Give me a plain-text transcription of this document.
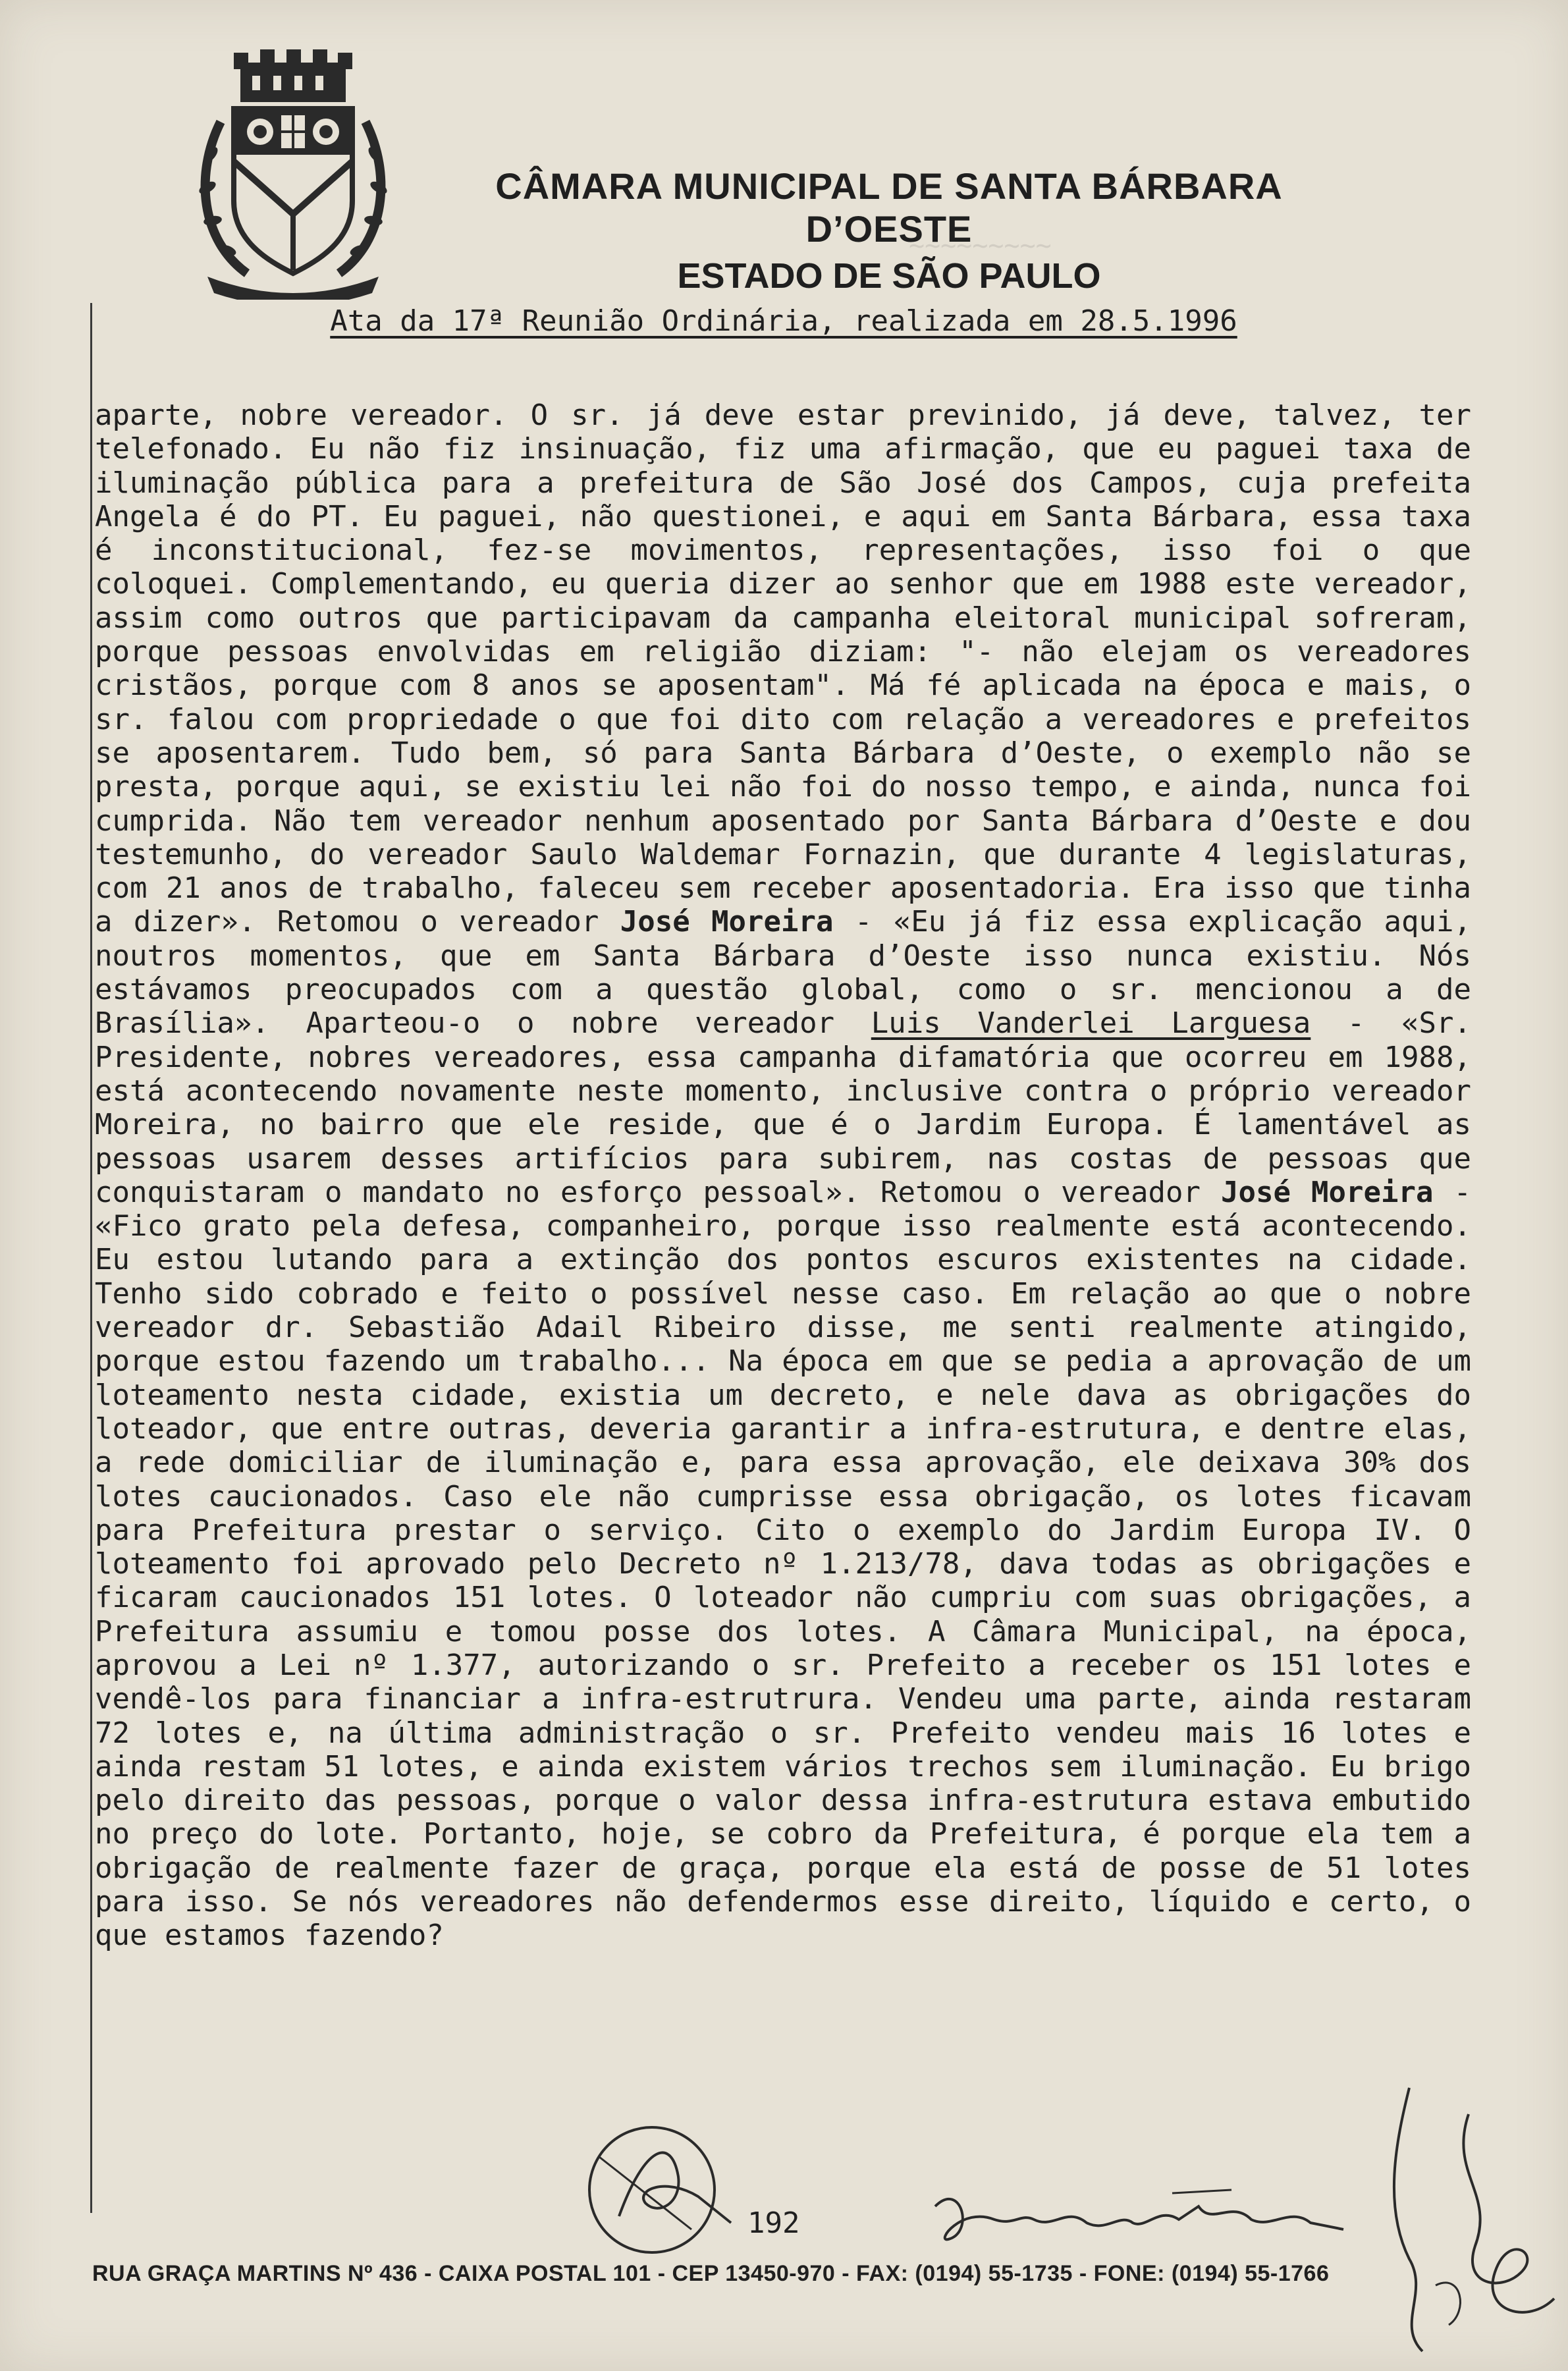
~~~~~~~~~
CÂMARA MUNICIPAL DE SANTA BÁRBARA D’OESTE
ESTADO DE SÃO PAULO
Ata da 17ª Reunião Ordinária, realizada em 28.5.1996
aparte, nobre vereador. O sr. já deve estar previnido, já deve, talvez, ter telefonado. Eu não fiz insinuação, fiz uma afirmação, que eu paguei taxa de iluminação pública para a prefeitura de São José dos Campos, cuja prefeita Angela é do PT. Eu paguei, não questionei, e aqui em Santa Bárbara, essa taxa é inconstitucional, fez-se movimentos, representações, isso foi o que coloquei. Complementando, eu queria dizer ao senhor que em 1988 este vereador, assim como outros que participavam da campanha eleitoral municipal sofreram, porque pessoas envolvidas em religião diziam: "- não elejam os vereadores cristãos, porque com 8 anos se aposentam". Má fé aplicada na época e mais, o sr. falou com propriedade o que foi dito com relação a vereadores e prefeitos se aposentarem. Tudo bem, só para Santa Bárbara d’Oeste, o exemplo não se presta, porque aqui, se existiu lei não foi do nosso tempo, e ainda, nunca foi cumprida. Não tem vereador nenhum aposentado por Santa Bárbara d’Oeste e dou testemunho, do vereador Saulo Waldemar Fornazin, que durante 4 legislaturas, com 21 anos de trabalho, faleceu sem receber aposentadoria. Era isso que tinha a dizer». Retomou o vereador José Moreira - «Eu já fiz essa explicação aqui, noutros momentos, que em Santa Bárbara d’Oeste isso nunca existiu. Nós estávamos preocupados com a questão global, como o sr. mencionou a de Brasília». Aparteou-o o nobre vereador Luis Vanderlei Larguesa - «Sr. Presidente, nobres vereadores, essa campanha difamatória que ocorreu em 1988, está acontecendo novamente neste momento, inclusive contra o próprio vereador Moreira, no bairro que ele reside, que é o Jardim Europa. É lamentável as pessoas usarem desses artifícios para subirem, nas costas de pessoas que conquistaram o mandato no esforço pessoal». Retomou o vereador José Moreira - «Fico grato pela defesa, companheiro, porque isso realmente está acontecendo. Eu estou lutando para a extinção dos pontos escuros existentes na cidade. Tenho sido cobrado e feito o possível nesse caso. Em relação ao que o nobre vereador dr. Sebastião Adail Ribeiro disse, me senti realmente atingido, porque estou fazendo um trabalho... Na época em que se pedia a aprovação de um loteamento nesta cidade, existia um decreto, e nele dava as obrigações do loteador, que entre outras, deveria garantir a infra-estrutura, e dentre elas, a rede domiciliar de iluminação e, para essa aprovação, ele deixava 30% dos lotes caucionados. Caso ele não cumprisse essa obrigação, os lotes ficavam para Prefeitura prestar o serviço. Cito o exemplo do Jardim Europa IV. O loteamento foi aprovado pelo Decreto nº 1.213/78, dava todas as obrigações e ficaram caucionados 151 lotes. O loteador não cumpriu com suas obrigações, a Prefeitura assumiu e tomou posse dos lotes. A Câmara Municipal, na época, aprovou a Lei nº 1.377, autorizando o sr. Prefeito a receber os 151 lotes e vendê-los para financiar a infra-estrutrura. Vendeu uma parte, ainda restaram 72 lotes e, na última administração o sr. Prefeito vendeu mais 16 lotes e ainda restam 51 lotes, e ainda existem vários trechos sem iluminação. Eu brigo pelo direito das pessoas, porque o valor dessa infra-estrutura estava embutido no preço do lote. Portanto, hoje, se cobro da Prefeitura, é porque ela tem a obrigação de realmente fazer de graça, porque ela está de posse de 51 lotes para isso. Se nós vereadores não defendermos esse direito, líquido e certo, o que estamos fazendo?
192
RUA GRAÇA MARTINS Nº 436 - CAIXA POSTAL 101 - CEP 13450-970 - FAX: (0194) 55-1735 - FONE: (0194) 55-1766
